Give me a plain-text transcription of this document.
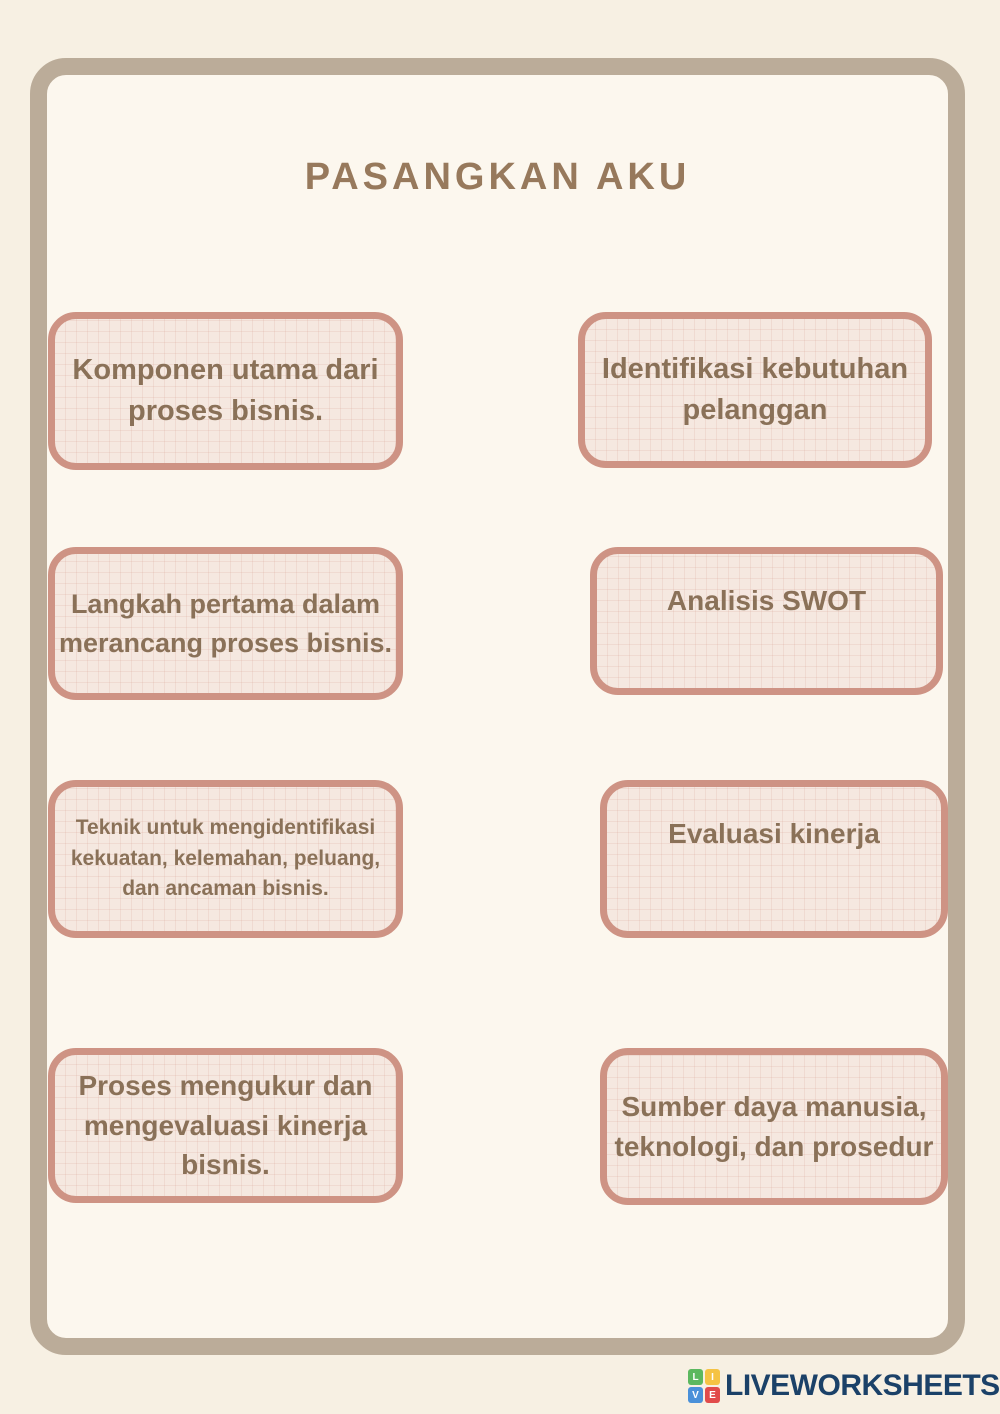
PASANGKAN AKU
Komponen utama dari proses bisnis.
Langkah pertama dalam merancang proses bisnis.
Teknik untuk mengidentifikasi kekuatan, kelemahan, peluang, dan ancaman bisnis.
Proses mengukur dan mengevaluasi kinerja bisnis.
Identifikasi kebutuhan pelanggan
Analisis SWOT
Evaluasi kinerja
Sumber daya manusia, teknologi, dan prosedur
L	I
V	E LIVEWORKSHEETS
